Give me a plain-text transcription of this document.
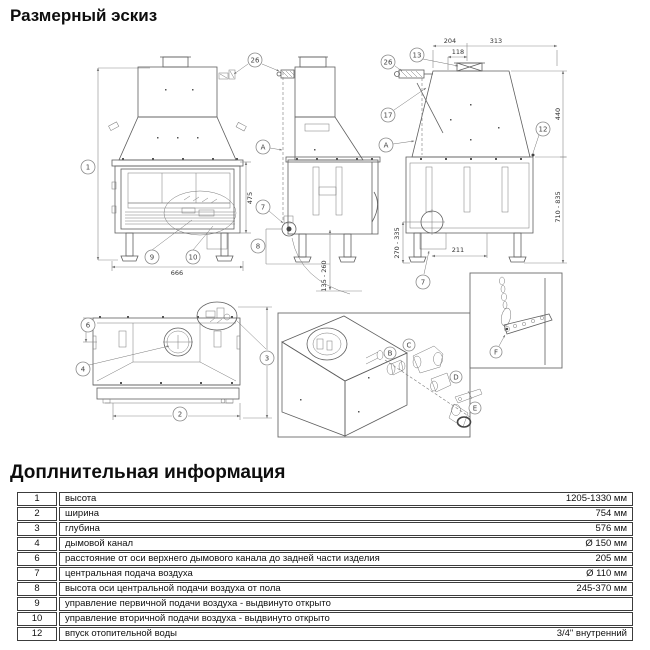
Размерный эскиз
666
475
135 - 260
204	313
118
211
270 - 335
440
710 - 835
1
26	26
13
17
A	A
12
7
8
9	10
7
6
4
3
2
B
C
D
E
F
Доплнительная информация
1	высота	1205-1330 мм
2	ширина	754 мм
3	глубина	576 мм
4	дымовой канал	Ø 150 мм
6	расстояние от оси верхнего дымового канала до задней части изделия	205 мм
7	центральная подача воздуха	Ø 110 мм
8	высота оси центральной подачи воздуха от пола	245-370 мм
9	управление первичной подачи воздуха - выдвинуто открыто
10	управление вторичной подачи воздуха - выдвинуто открыто
12	впуск отопительной воды	3/4" внутренний
